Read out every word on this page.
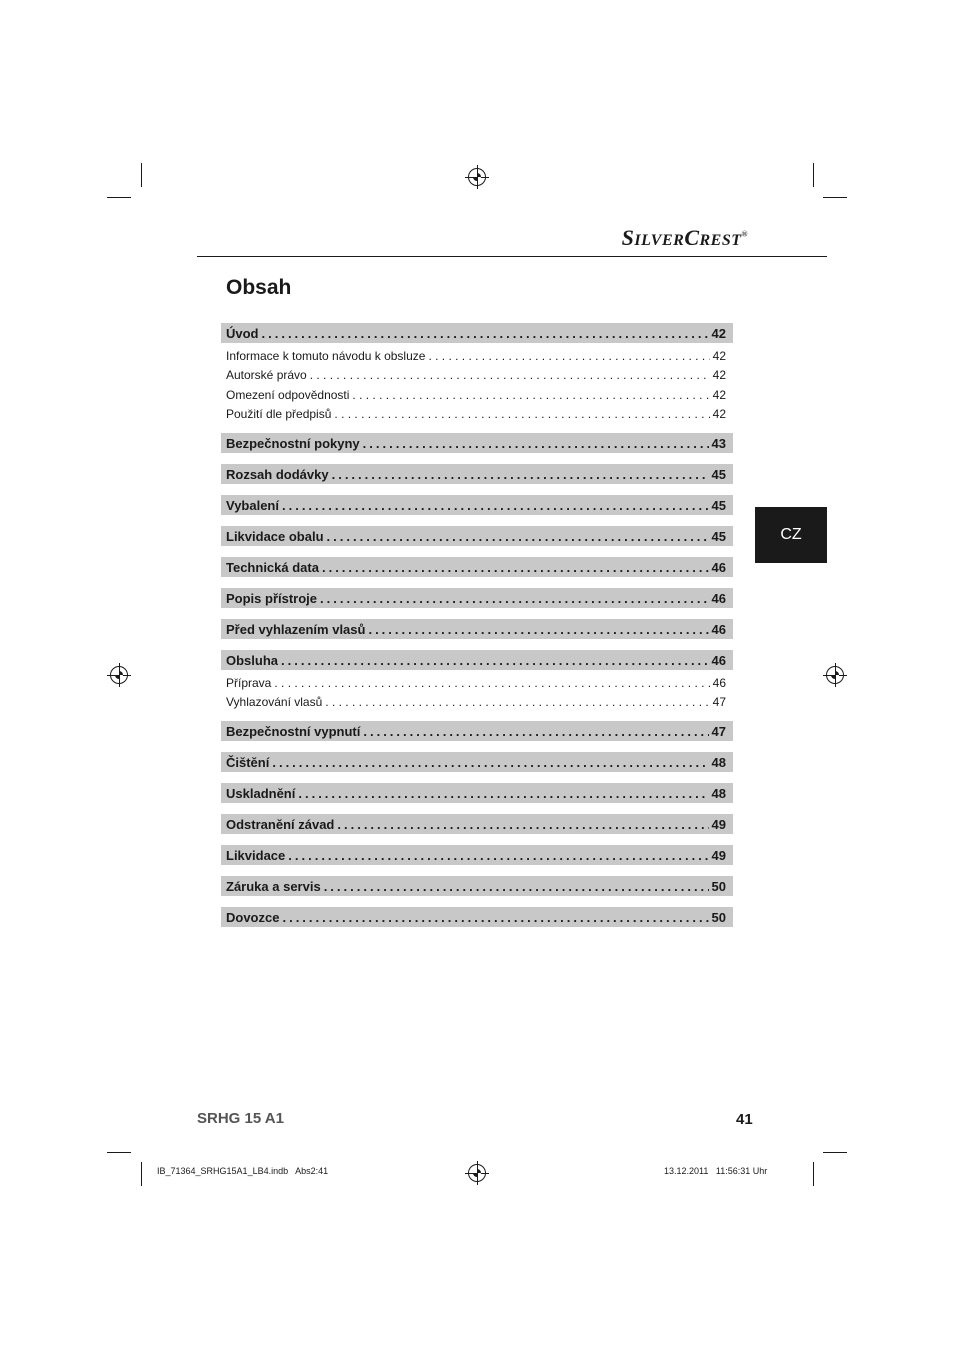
SILVERCREST®
Obsah
Úvod .....	42
Informace k tomuto návodu k obsluze . . .	42
Autorské právo . . .	42
Omezení odpovědnosti . . .	42
Použití dle předpisů . . .	42
Bezpečnostní pokyny .....	43
Rozsah dodávky .....	45
Vybalení .....	45
Likvidace obalu .....	45
Technická data .....	46
Popis přístroje .....	46
Před vyhlazením vlasů .....	46
Obsluha .....	46
Příprava . . .	46
Vyhlazování vlasů . . .	47
Bezpečnostní vypnutí .....	47
Čištění .....	48
Uskladnění .....	48
Odstranění závad .....	49
Likvidace .....	49
Záruka a servis .....	50
Dovozce .....	50
CZ
SRHG 15 A1	41
IB_71364_SRHG15A1_LB4.indb   Abs2:41	13.12.2011   11:56:31 Uhr
